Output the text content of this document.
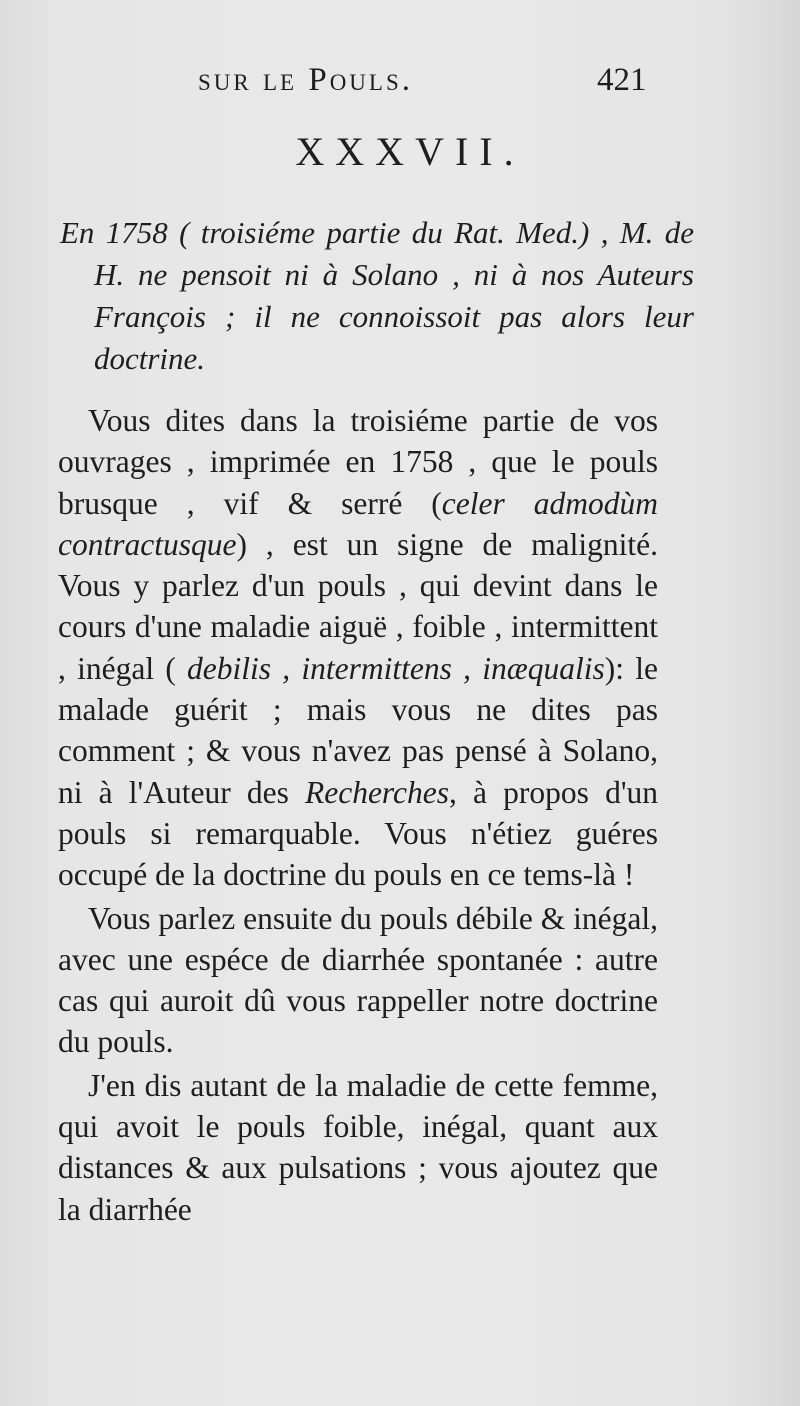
sur le Pouls.	421
XXXVII.
En 1758 ( troisiéme partie du Rat. Med.) , M. de H. ne pensoit ni à Solano , ni à nos Auteurs François ; il ne connoissoit pas alors leur doctrine.

Vous dites dans la troisiéme partie de vos ouvrages , imprimée en 1758 , que le pouls brusque , vif & serré (celer admodùm contractusque) , est un signe de malignité. Vous y parlez d'un pouls , qui devint dans le cours d'une maladie aiguë , foible , intermittent , inégal ( debilis , intermittens , inæqualis): le malade guérit ; mais vous ne dites pas comment ; & vous n'avez pas pensé à Solano, ni à l'Auteur des Recherches, à propos d'un pouls si remarquable. Vous n'étiez guéres occupé de la doctrine du pouls en ce tems-là !

Vous parlez ensuite du pouls débile & inégal, avec une espéce de diarrhée spontanée : autre cas qui auroit dû vous rappeller notre doctrine du pouls.

J'en dis autant de la maladie de cette femme, qui avoit le pouls foible, inégal, quant aux distances & aux pulsations ; vous ajoutez que la diarrhée
